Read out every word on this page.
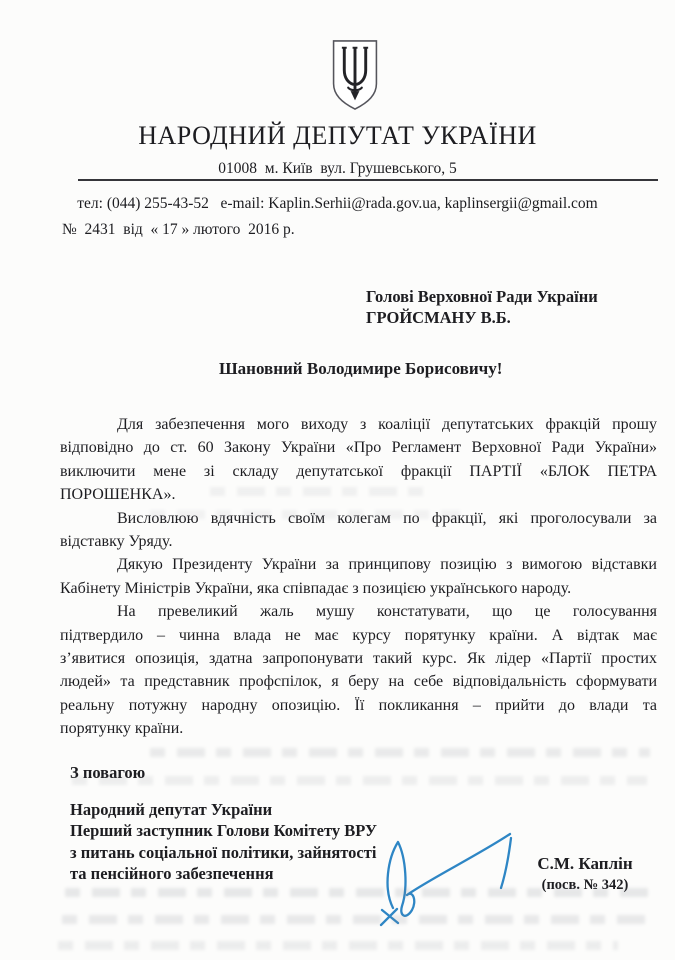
НАРОДНИЙ ДЕПУТАТ УКРАЇНИ
01008  м. Київ  вул. Грушевського, 5
тел: (044) 255-43-52   e-mail: Kaplin.Serhii@rada.gov.ua, kaplinsergii@gmail.com
№  2431  від  « 17 » лютого  2016 р.
Голові Верховної Ради України
ГРОЙСМАНУ В.Б.
Шановний Володимире Борисовичу!
Для забезпечення мого виходу з коаліції депутатських фракцій прошу
відповідно до ст. 60 Закону України «Про Регламент Верховної Ради України»
виключити мене зі складу депутатської фракції ПАРТІЇ «БЛОК ПЕТРА
ПОРОШЕНКА».
Висловлюю вдячність своїм колегам по фракції, які проголосували за
відставку Уряду.
Дякую Президенту України за принципову позицію з вимогою відставки
Кабінету Міністрів України, яка співпадає з позицією українського народу.
На превеликий жаль мушу констатувати, що це голосування
підтвердило – чинна влада не має курсу порятунку країни. А відтак має
з’явитися опозиція, здатна запропонувати такий курс. Як лідер «Партії простих
людей» та представник профспілок, я беру на себе відповідальність сформувати
реальну потужну народну опозицію. Її покликання – прийти до влади та
порятунку країни.
З повагою
Народний депутат України
Перший заступник Голови Комітету ВРУ
з питань соціальної політики, зайнятості
та пенсійного забезпечення
С.М. Каплін
(посв. № 342)
